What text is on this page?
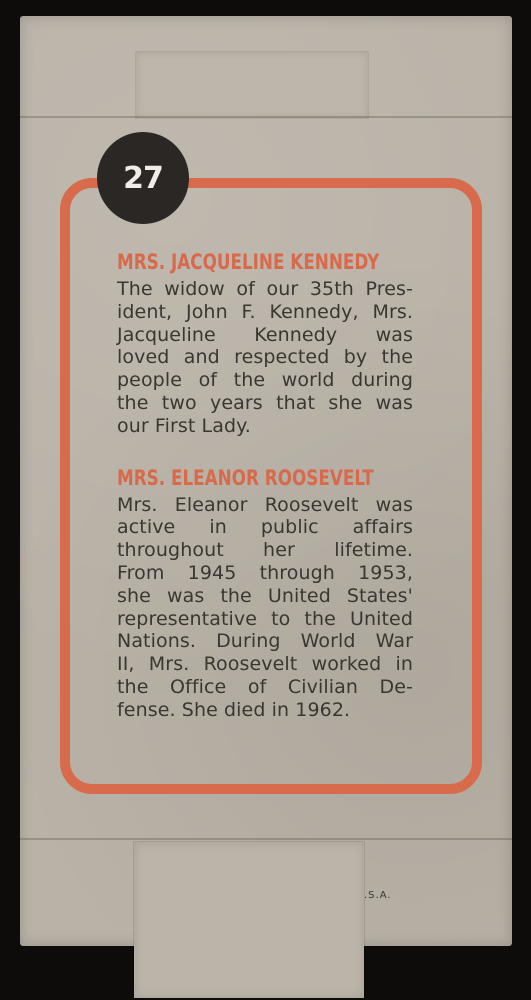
27
MRS. JACQUELINE KENNEDY

The widow of our 35th Pres-
ident, John F. Kennedy, Mrs.
Jacqueline Kennedy was
loved and respected by the
people of the world during
the two years that she was
our First Lady.

MRS. ELEANOR ROOSEVELT

Mrs. Eleanor Roosevelt was
active in public affairs
throughout her lifetime.
From 1945 through 1953,
she was the United States'
representative to the United
Nations. During World War
II, Mrs. Roosevelt worked in
the Office of Civilian De-
fense. She died in 1962.

.S.A.
